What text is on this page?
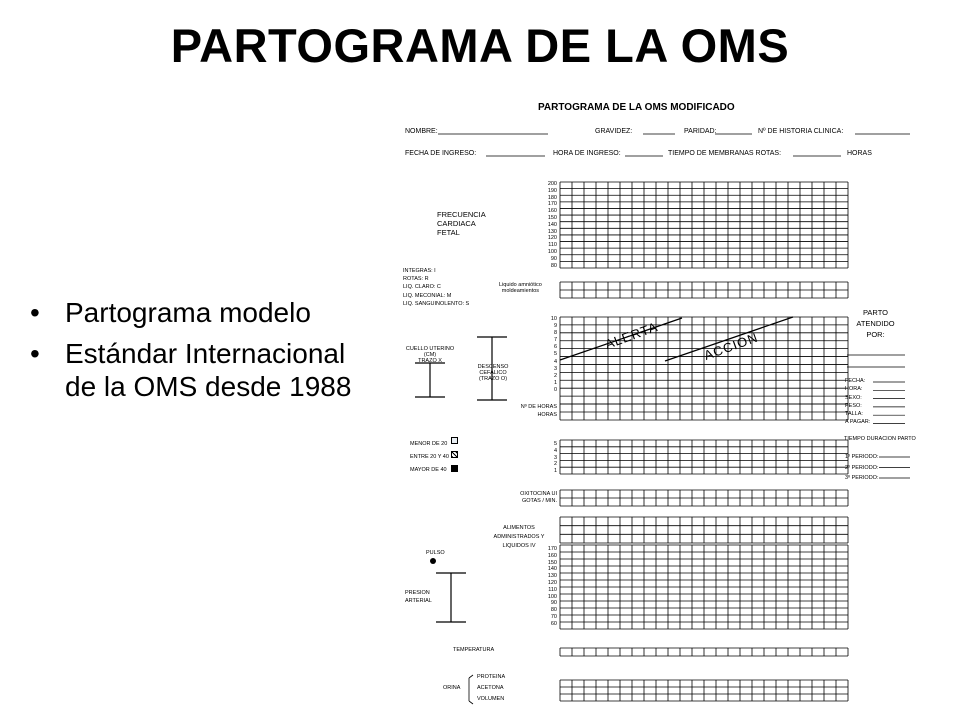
PARTOGRAMA DE LA OMS
• Partograma modelo
• Estándar Internacional de la OMS desde 1988
PARTOGRAMA DE LA OMS MODIFICADO
NOMBRE:	GRAVIDEZ:	PARIDAD:	Nº DE HISTORIA CLINICA:
FECHA DE INGRESO:	HORA DE INGRESO:	TIEMPO DE MEMBRANAS ROTAS:	HORAS
FRECUENCIA
CARDIACA
FETAL
200
190
180
170
160
150
140
130
120
110
100
90
80
INTEGRAS: I
ROTAS: R
LIQ. CLARO: C
LIQ. MECONIAL: M
LIQ. SANGUINOLENTO: S
Liquido amniótico
moldeamientos
10
9
8
7
6
5
4
3
2
1
0
CUELLO UTERINO (CM)
TRAZO X
DESCENSO CEFALICO
(TRAZO O)
Nº DE HORAS
HORAS
ALERTA	ACCION
PARTO
ATENDIDO
POR:
FECHA:
HORA:
SEXO:
PESO:
TALLA:
A PAGAR:
TIEMPO DURACION PARTO
1º PERIODO:
2º PERIODO:
3º PERIODO:
MENOR DE 20
ENTRE 20 Y 40
MAYOR DE 40
5
4
3
2
1
OXITOCINA UI
GOTAS / MIN.
ALIMENTOS
ADMINISTRADOS Y
LIQUIDOS IV
PULSO
PRESION
ARTERIAL
170
160
150
140
130
120
110
100
90
80
70
60
TEMPERATURA
ORINA
PROTEINA
ACETONA
VOLUMEN
